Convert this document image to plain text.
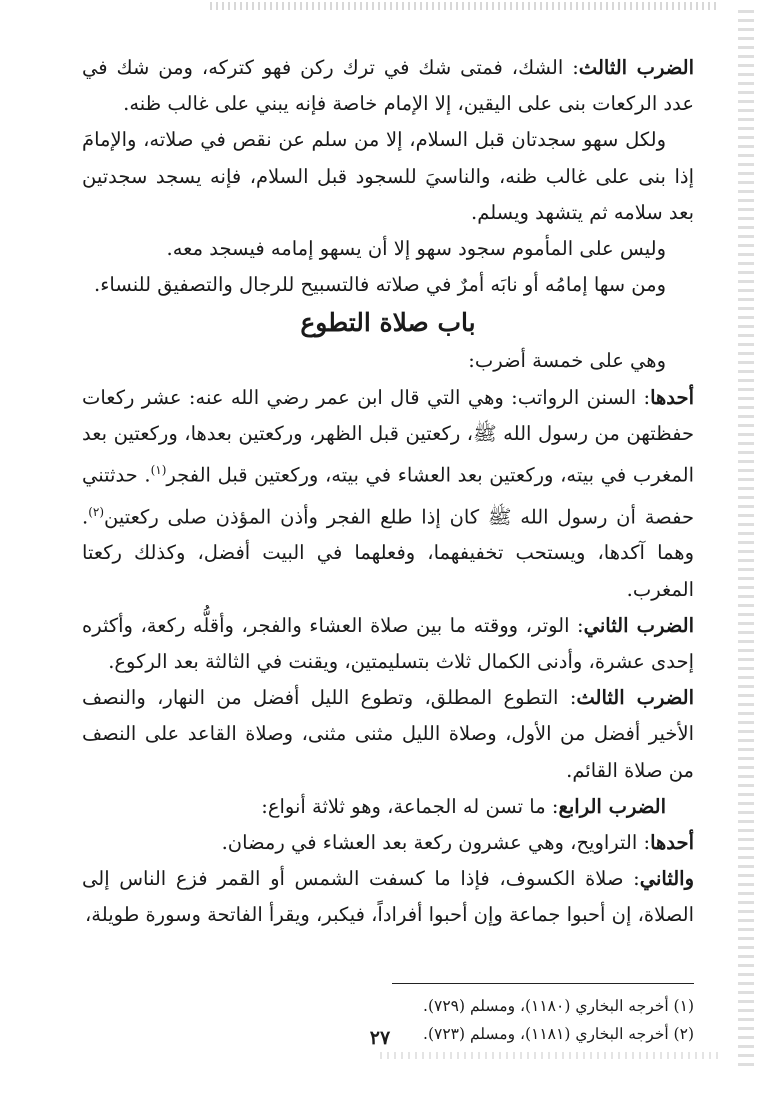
الضرب الثالث: الشك، فمتى شك في ترك ركن فهو كتركه، ومن شك في عدد الركعات بنى على اليقين، إلا الإمام خاصة فإنه يبني على غالب ظنه.

ولكل سهو سجدتان قبل السلام، إلا من سلم عن نقص في صلاته، والإمامَ إذا بنى على غالب ظنه، والناسيَ للسجود قبل السلام، فإنه يسجد سجدتين بعد سلامه ثم يتشهد ويسلم.

وليس على المأموم سجود سهو إلا أن يسهو إمامه فيسجد معه.

ومن سها إمامُه أو نابَه أمرٌ في صلاته فالتسبيح للرجال والتصفيق للنساء.

باب صلاة التطوع

وهي على خمسة أضرب:

أحدها: السنن الرواتب: وهي التي قال ابن عمر رضي الله عنه: عشر ركعات حفظتهن من رسول الله ﷺ، ركعتين قبل الظهر، وركعتين بعدها، وركعتين بعد المغرب في بيته، وركعتين بعد العشاء في بيته، وركعتين قبل الفجر$^{(١)}$. حدثتني حفصة أن رسول الله ﷺ كان إذا طلع الفجر وأذن المؤذن صلى ركعتين$^{(٢)}$. وهما آكدها، ويستحب تخفيفهما، وفعلهما في البيت أفضل، وكذلك ركعتا المغرب.

الضرب الثاني: الوتر، ووقته ما بين صلاة العشاء والفجر، وأقلُّه ركعة، وأكثره إحدى عشرة، وأدنى الكمال ثلاث بتسليمتين، ويقنت في الثالثة بعد الركوع.

الضرب الثالث: التطوع المطلق، وتطوع الليل أفضل من النهار، والنصف الأخير أفضل من الأول، وصلاة الليل مثنى مثنى، وصلاة القاعد على النصف من صلاة القائم.

الضرب الرابع: ما تسن له الجماعة، وهو ثلاثة أنواع:

أحدها: التراويح، وهي عشرون ركعة بعد العشاء في رمضان.

والثاني: صلاة الكسوف، فإذا ما كسفت الشمس أو القمر فزع الناس إلى الصلاة، إن أحبوا جماعة وإن أحبوا أفراداً، فيكبر، ويقرأ الفاتحة وسورة طويلة،

(١) أخرجه البخاري (١١٨٠)، ومسلم (٧٢٩).

(٢) أخرجه البخاري (١١٨١)، ومسلم (٧٢٣).

٢٧
